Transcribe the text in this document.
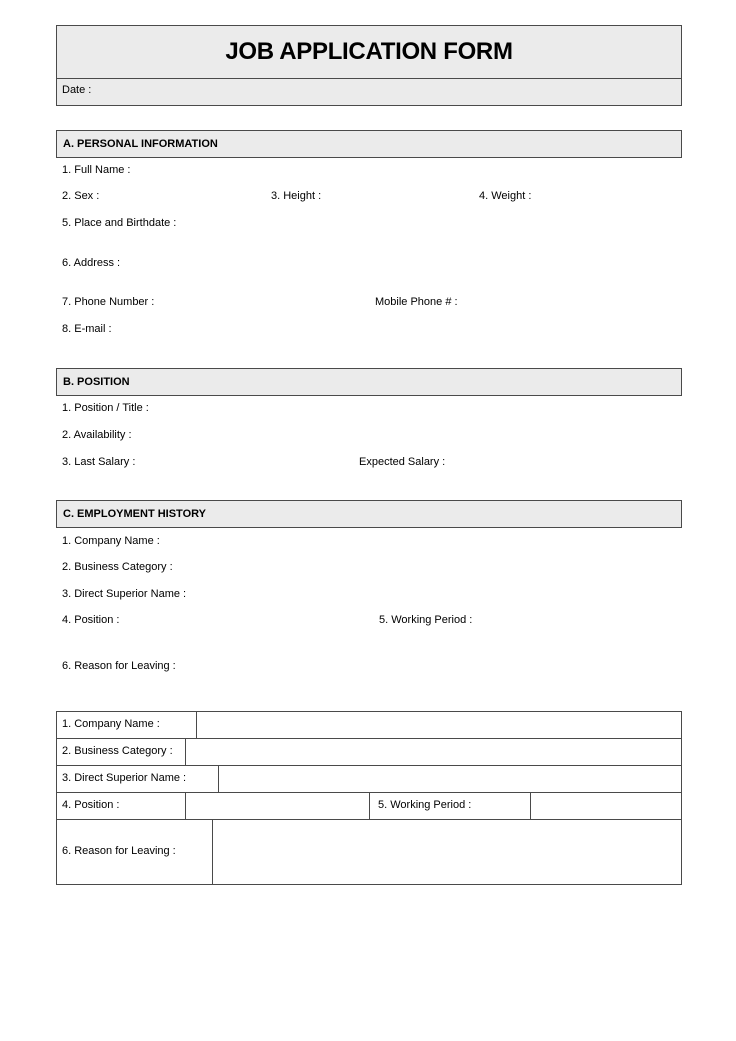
JOB APPLICATION FORM
Date :
A. PERSONAL INFORMATION
1. Full Name :
2. Sex :	3. Height :	4. Weight :
5. Place and Birthdate :
6. Address :
7. Phone Number :	Mobile Phone # :
8. E-mail :
B. POSITION
1. Position / Title :
2. Availability :
3. Last Salary :	Expected Salary :
C. EMPLOYMENT HISTORY
1. Company Name :
2. Business Category :
3. Direct Superior Name :
4. Position :	5. Working Period :
6. Reason for Leaving :
1. Company Name :
2. Business Category :
3. Direct Superior Name :
4. Position :	5. Working Period :
6. Reason for Leaving :
